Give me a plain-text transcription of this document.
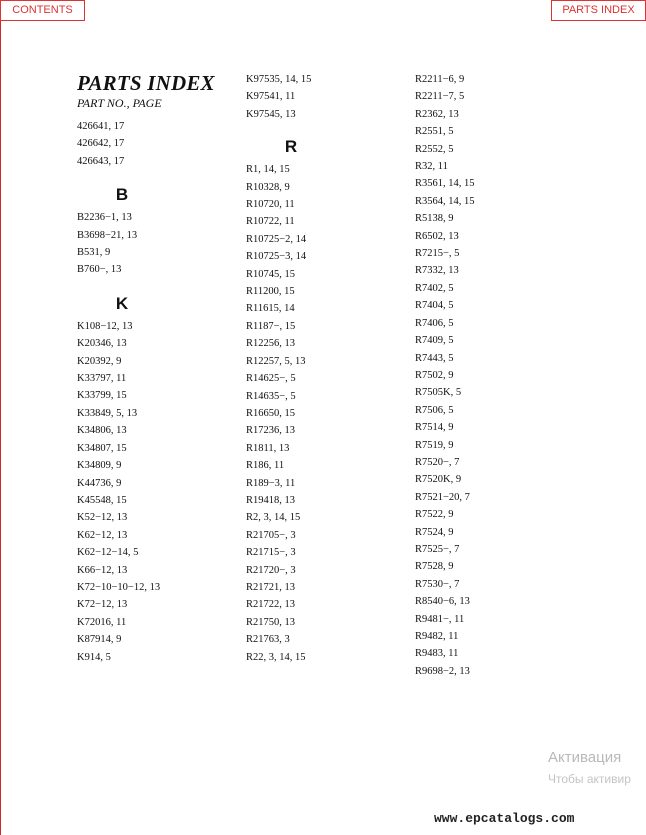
CONTENTS	PARTS INDEX
PARTS INDEX
PART NO., PAGE
426641, 17
426642, 17
426643, 17
B
B2236−1, 13
B3698−21, 13
B531, 9
B760−, 13
K
K108−12, 13
K20346, 13
K20392, 9
K33797, 11
K33799, 15
K33849, 5, 13
K34806, 13
K34807, 15
K34809, 9
K44736, 9
K45548, 15
K52−12, 13
K62−12, 13
K62−12−14, 5
K66−12, 13
K72−10−10−12, 13
K72−12, 13
K72016, 11
K87914, 9
K914, 5
K97535, 14, 15
K97541, 11
K97545, 13
R
R1, 14, 15
R10328, 9
R10720, 11
R10722, 11
R10725−2, 14
R10725−3, 14
R10745, 15
R11200, 15
R11615, 14
R1187−, 15
R12256, 13
R12257, 5, 13
R14625−, 5
R14635−, 5
R16650, 15
R17236, 13
R1811, 13
R186, 11
R189−3, 11
R19418, 13
R2, 3, 14, 15
R21705−, 3
R21715−, 3
R21720−, 3
R21721, 13
R21722, 13
R21750, 13
R21763, 3
R22, 3, 14, 15
R2211−6, 9
R2211−7, 5
R2362, 13
R2551, 5
R2552, 5
R32, 11
R3561, 14, 15
R3564, 14, 15
R5138, 9
R6502, 13
R7215−, 5
R7332, 13
R7402, 5
R7404, 5
R7406, 5
R7409, 5
R7443, 5
R7502, 9
R7505K, 5
R7506, 5
R7514, 9
R7519, 9
R7520−, 7
R7520K, 9
R7521−20, 7
R7522, 9
R7524, 9
R7525−, 7
R7528, 9
R7530−, 7
R8540−6, 13
R9481−, 11
R9482, 11
R9483, 11
R9698−2, 13
Активация
Чтобы активир
www.epcatalogs.com
